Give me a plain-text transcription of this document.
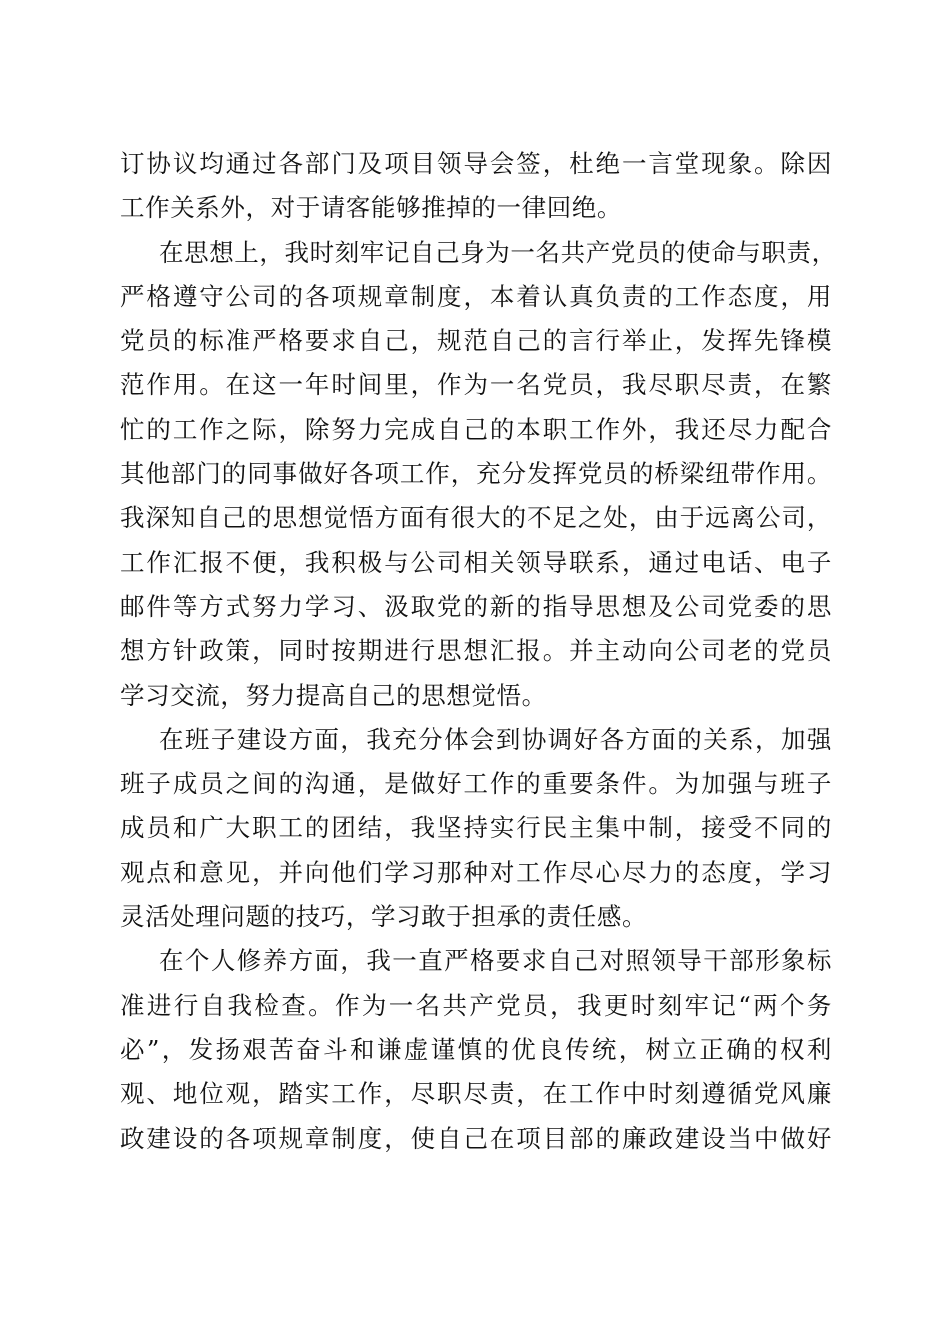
订协议均通过各部门及项目领导会签，杜绝一言堂现象。除因
工作关系外，对于请客能够推掉的一律回绝。
在思想上，我时刻牢记自己身为一名共产党员的使命与职责，
严格遵守公司的各项规章制度，本着认真负责的工作态度，用
党员的标准严格要求自己，规范自己的言行举止，发挥先锋模
范作用。在这一年时间里，作为一名党员，我尽职尽责，在繁
忙的工作之际，除努力完成自己的本职工作外，我还尽力配合
其他部门的同事做好各项工作，充分发挥党员的桥梁纽带作用。
我深知自己的思想觉悟方面有很大的不足之处，由于远离公司，
工作汇报不便，我积极与公司相关领导联系，通过电话、电子
邮件等方式努力学习、汲取党的新的指导思想及公司党委的思
想方针政策，同时按期进行思想汇报。并主动向公司老的党员
学习交流，努力提高自己的思想觉悟。
在班子建设方面，我充分体会到协调好各方面的关系，加强
班子成员之间的沟通，是做好工作的重要条件。为加强与班子
成员和广大职工的团结，我坚持实行民主集中制，接受不同的
观点和意见，并向他们学习那种对工作尽心尽力的态度，学习
灵活处理问题的技巧，学习敢于担承的责任感。
在个人修养方面，我一直严格要求自己对照领导干部形象标
准进行自我检查。作为一名共产党员，我更时刻牢记“两个务
必”，发扬艰苦奋斗和谦虚谨慎的优良传统，树立正确的权利
观、地位观，踏实工作，尽职尽责，在工作中时刻遵循党风廉
政建设的各项规章制度，使自己在项目部的廉政建设当中做好
